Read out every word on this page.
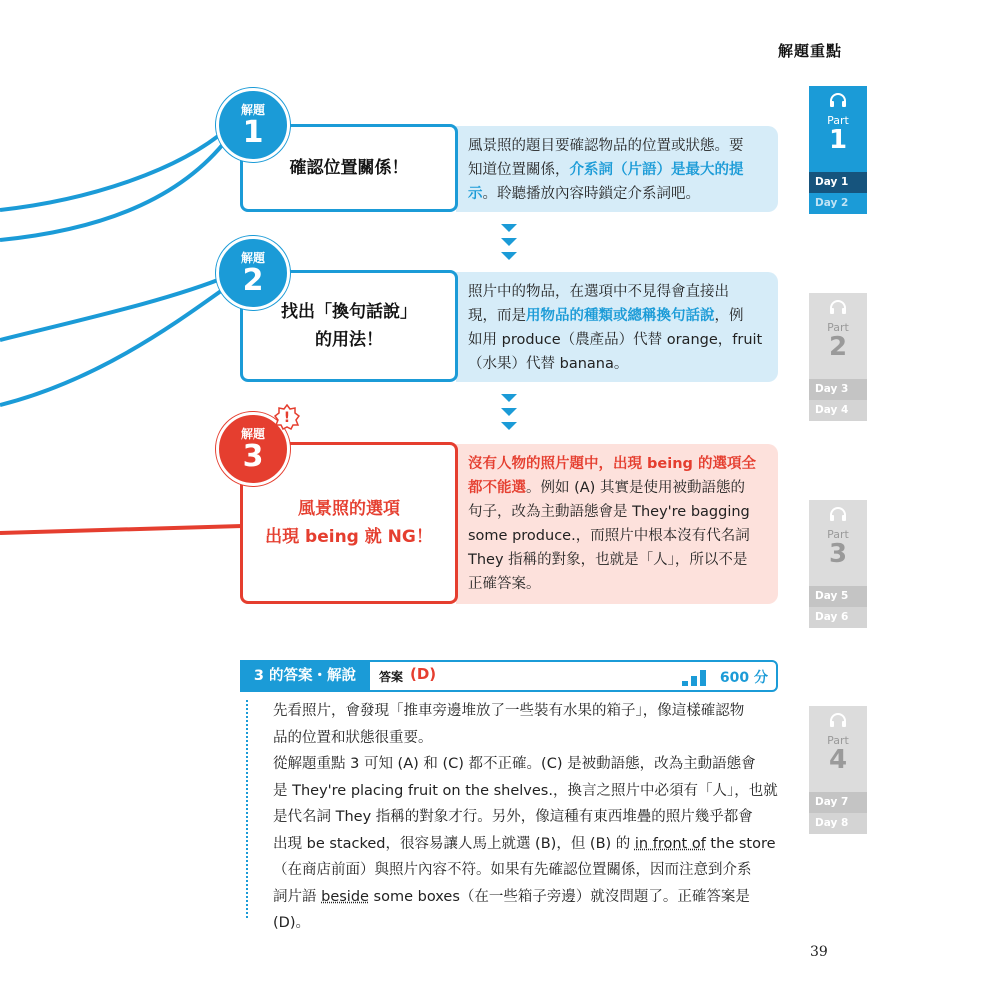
解題重點
風景照的題目要確認物品的位置或狀態。要
知道位置關係，介系詞（片語）是最大的提
示。聆聽播放內容時鎖定介系詞吧。
確認位置關係！
解題
1
照片中的物品，在選項中不見得會直接出
現，而是用物品的種類或總稱換句話說，例
如用 produce（農產品）代替 orange，fruit
（水果）代替 banana。
找出「換句話說」
的用法！
解題
2
沒有人物的照片題中，出現 being 的選項全
都不能選。例如 (A) 其實是使用被動語態的
句子，改為主動語態會是 They're bagging
some produce.，而照片中根本沒有代名詞
They 指稱的對象，也就是「人」，所以不是
正確答案。
風景照的選項
出現 being 就 NG！
解題
3
!
Part
1
Day 1
Day 2
Part
2
Day 3
Day 4
Part
3
Day 5
Day 6
Part
4
Day 7
Day 8
3 的答案・解說	答案 (D)	600 分
先看照片，會發現「推車旁邊堆放了一些裝有水果的箱子」，像這樣確認物
品的位置和狀態很重要。
從解題重點 3 可知 (A) 和 (C) 都不正確。(C) 是被動語態，改為主動語態會
是 They're placing fruit on the shelves.，換言之照片中必須有「人」，也就
是代名詞 They 指稱的對象才行。另外，像這種有東西堆疊的照片幾乎都會
出現 be stacked，很容易讓人馬上就選 (B)，但 (B) 的 in front of the store
（在商店前面）與照片內容不符。如果有先確認位置關係，因而注意到介系
詞片語 beside some boxes（在一些箱子旁邊）就沒問題了。正確答案是
(D)。
39
